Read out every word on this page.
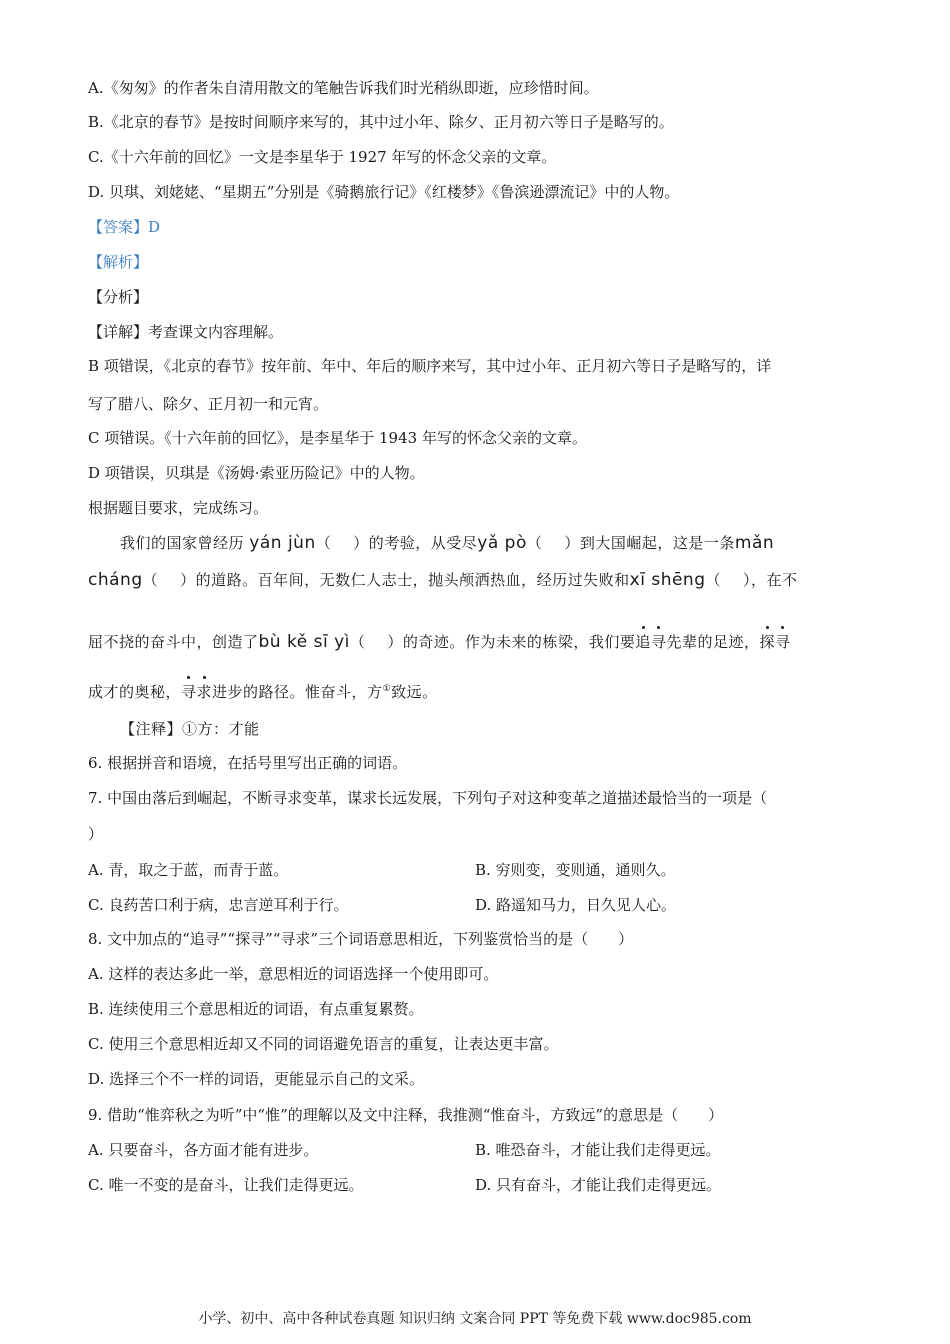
A.《匆匆》的作者朱自清用散文的笔触告诉我们时光稍纵即逝，应珍惜时间。
B.《北京的春节》是按时间顺序来写的，其中过小年、除夕、正月初六等日子是略写的。
C.《十六年前的回忆》一文是李星华于 1927 年写的怀念父亲的文章。
D. 贝琪、刘姥姥、“星期五”分别是《骑鹅旅行记》《红楼梦》《鲁滨逊漂流记》中的人物。
【答案】D
【解析】
【分析】
【详解】考查课文内容理解。
B 项错误，《北京的春节》按年前、年中、年后的顺序来写，其中过小年、正月初六等日子是略写的，详
写了腊八、除夕、正月初一和元宵。
C 项错误。《十六年前的回忆》，是李星华于 1943 年写的怀念父亲的文章。
D 项错误，贝琪是《汤姆·索亚历险记》中的人物。
根据题目要求，完成练习。
我们的国家曾经历 yán jùn（ ）的考验，从受尽yǎ pò（ ）到大国崛起，这是一条mǎn
cháng（ ）的道路。百年间，无数仁人志士，抛头颅洒热血，经历过失败和xī shēng（ ），在不
屈不挠的奋斗中，创造了bù kě sī yì（ ）的奇迹。作为未来的栋梁，我们要追寻先辈的足迹，探寻
成才的奥秘，寻求进步的路径。惟奋斗，方①致远。
【注释】①方：才能
6. 根据拼音和语境，在括号里写出正确的词语。
7. 中国由落后到崛起，不断寻求变革，谋求长远发展，下列句子对这种变革之道描述最恰当的一项是（
）
A. 青，取之于蓝，而青于蓝。	B. 穷则变，变则通，通则久。
C. 良药苦口利于病，忠言逆耳利于行。	D. 路遥知马力，日久见人心。
8. 文中加点的“追寻”“探寻”“寻求”三个词语意思相近，下列鉴赏恰当的是（　　）
A. 这样的表达多此一举，意思相近的词语选择一个使用即可。
B. 连续使用三个意思相近的词语，有点重复累赘。
C. 使用三个意思相近却又不同的词语避免语言的重复，让表达更丰富。
D. 选择三个不一样的词语，更能显示自己的文采。
9. 借助“惟弈秋之为听”中“惟”的理解以及文中注释，我推测“惟奋斗，方致远”的意思是（　　）
A. 只要奋斗，各方面才能有进步。	B. 唯恐奋斗，才能让我们走得更远。
C. 唯一不变的是奋斗，让我们走得更远。	D. 只有奋斗，才能让我们走得更远。
小学、初中、高中各种试卷真题 知识归纳 文案合同 PPT 等免费下载 www.doc985.com
